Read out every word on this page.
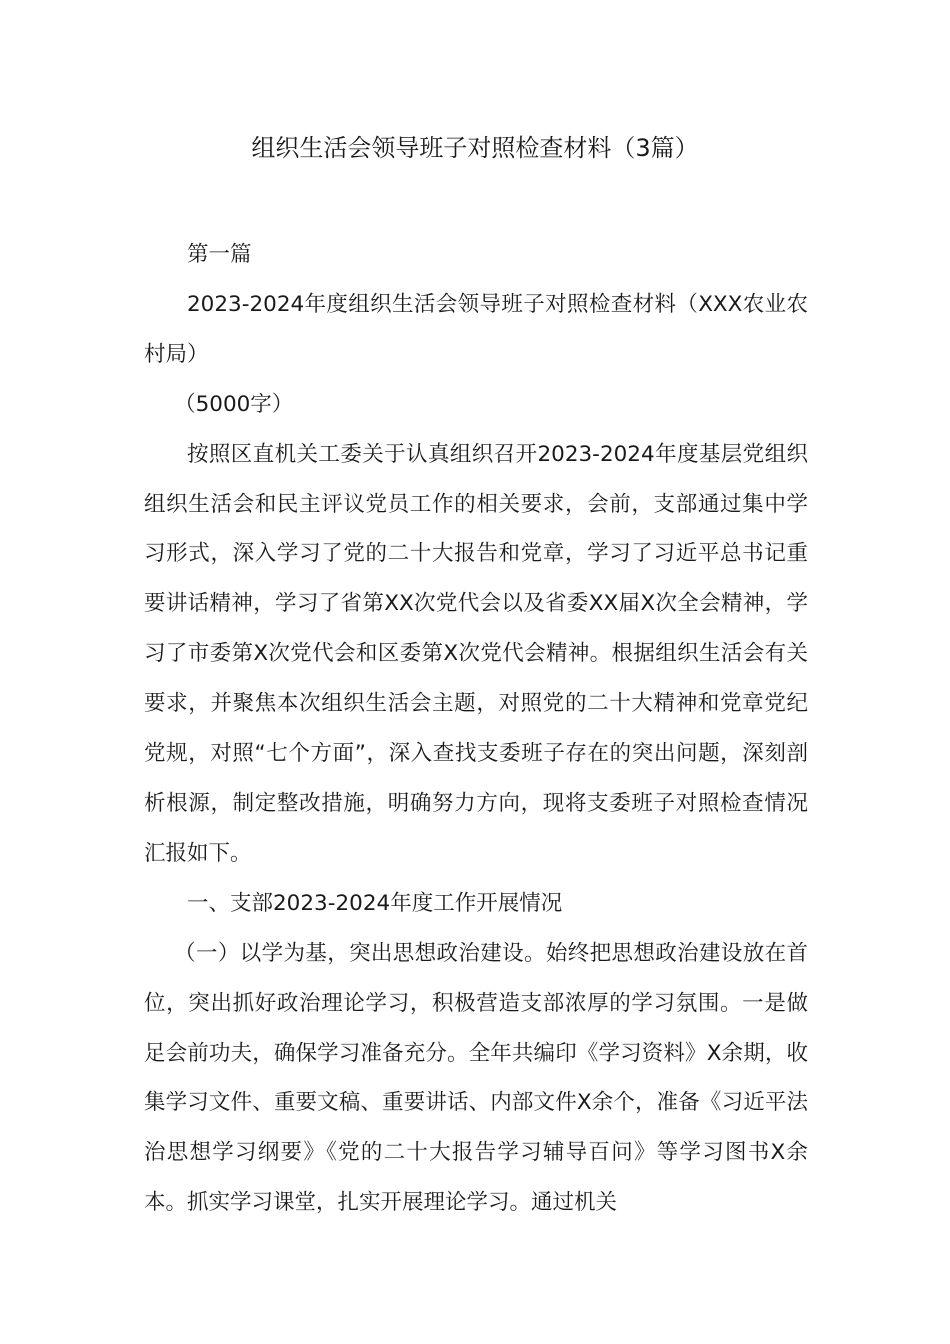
组织生活会领导班子对照检查材料（3篇）

第一篇

2023-2024年度组织生活会领导班子对照检查材料（XXX农业农村局）

（5000字）

按照区直机关工委关于认真组织召开2023-2024年度基层党组织组织生活会和民主评议党员工作的相关要求，会前，支部通过集中学习形式，深入学习了党的二十大报告和党章，学习了习近平总书记重要讲话精神，学习了省第XX次党代会以及省委XX届X次全会精神，学习了市委第X次党代会和区委第X次党代会精神。根据组织生活会有关要求，并聚焦本次组织生活会主题，对照党的二十大精神和党章党纪党规，对照“七个方面”，深入查找支委班子存在的突出问题，深刻剖析根源，制定整改措施，明确努力方向，现将支委班子对照检查情况汇报如下。

一、支部2023-2024年度工作开展情况

（一）以学为基，突出思想政治建设。始终把思想政治建设放在首位，突出抓好政治理论学习，积极营造支部浓厚的学习氛围。一是做足会前功夫，确保学习准备充分。全年共编印《学习资料》X余期，收集学习文件、重要文稿、重要讲话、内部文件X余个，准备《习近平法治思想学习纲要》《党的二十大报告学习辅导百问》等学习图书X余本。抓实学习课堂，扎实开展理论学习。通过机关
